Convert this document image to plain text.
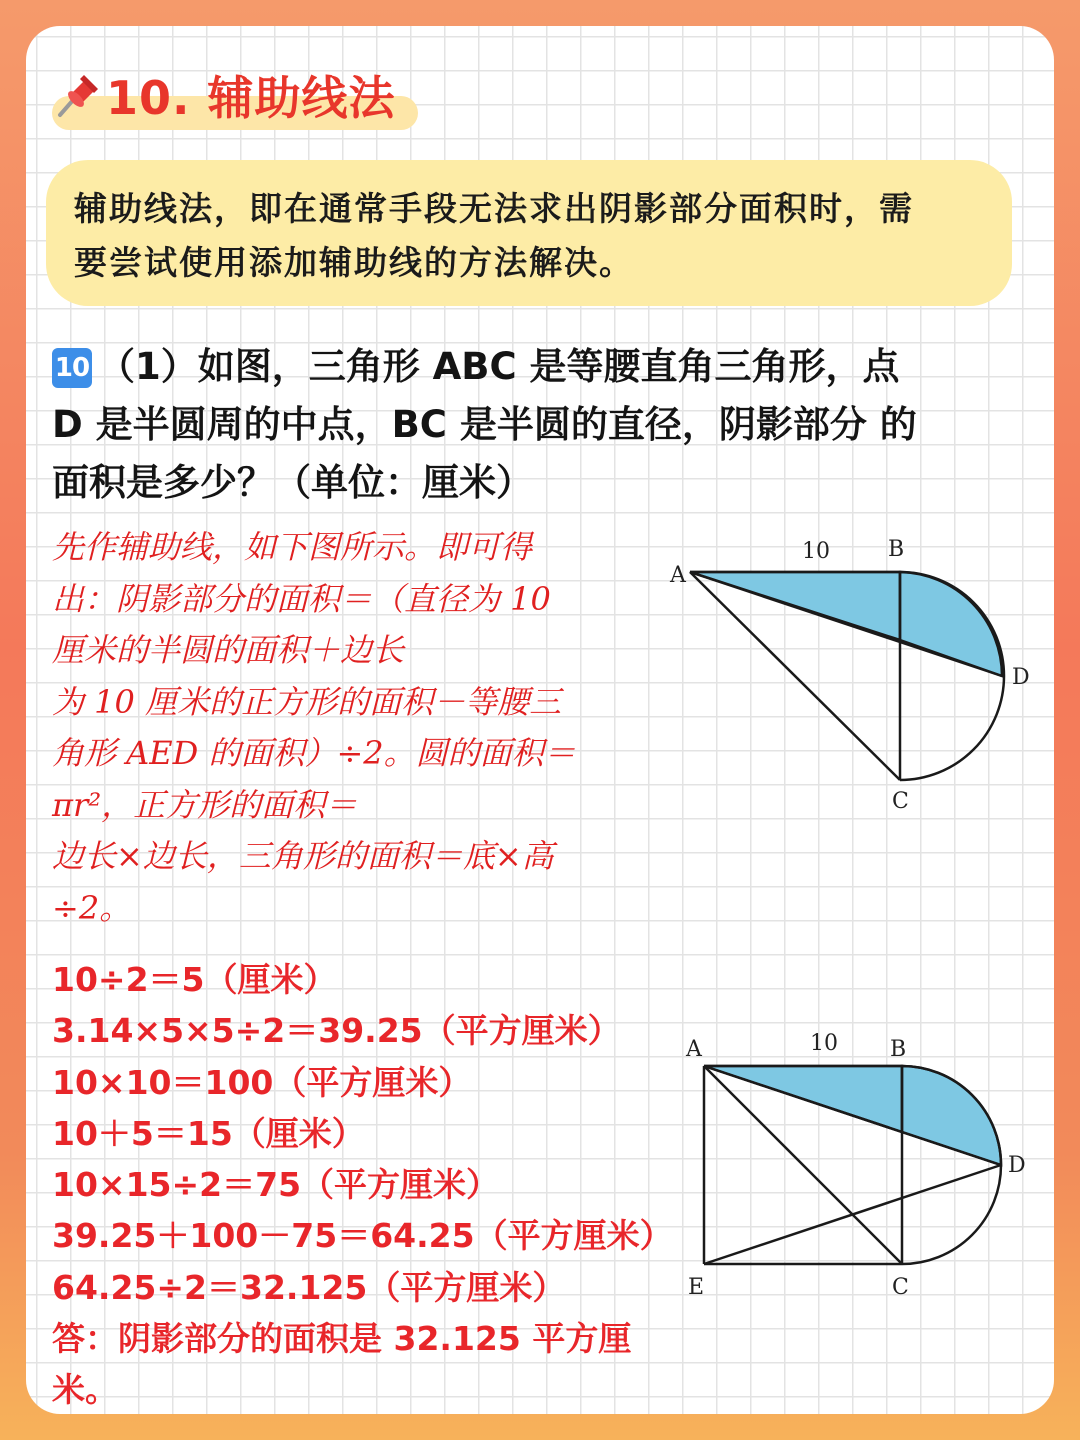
10. 辅助线法
辅助线法，即在通常手段无法求出阴影部分面积时，需
要尝试使用添加辅助线的方法解决。
10 （1）如图，三角形 ABC 是等腰直角三角形，点
D 是半圆周的中点，BC 是半圆的直径，阴影部分 的
面积是多少？（单位：厘米）
先作辅助线，如下图所示。即可得
出：阴影部分的面积＝（直径为 10
厘米的半圆的面积＋边长
为 10 厘米的正方形的面积－等腰三
角形 AED 的面积）÷2。圆的面积＝
πr²，正方形的面积＝
边长×边长，三角形的面积＝底×高
÷2。
10÷2＝5（厘米）
3.14×5×5÷2＝39.25（平方厘米）
10×10＝100（平方厘米）
10＋5＝15（厘米）
10×15÷2＝75（平方厘米）
39.25＋100－75＝64.25（平方厘米）
64.25÷2＝32.125（平方厘米）
答：阴影部分的面积是 32.125 平方厘
米。
A
B
C
D
10
A	B
C
D
E
10
